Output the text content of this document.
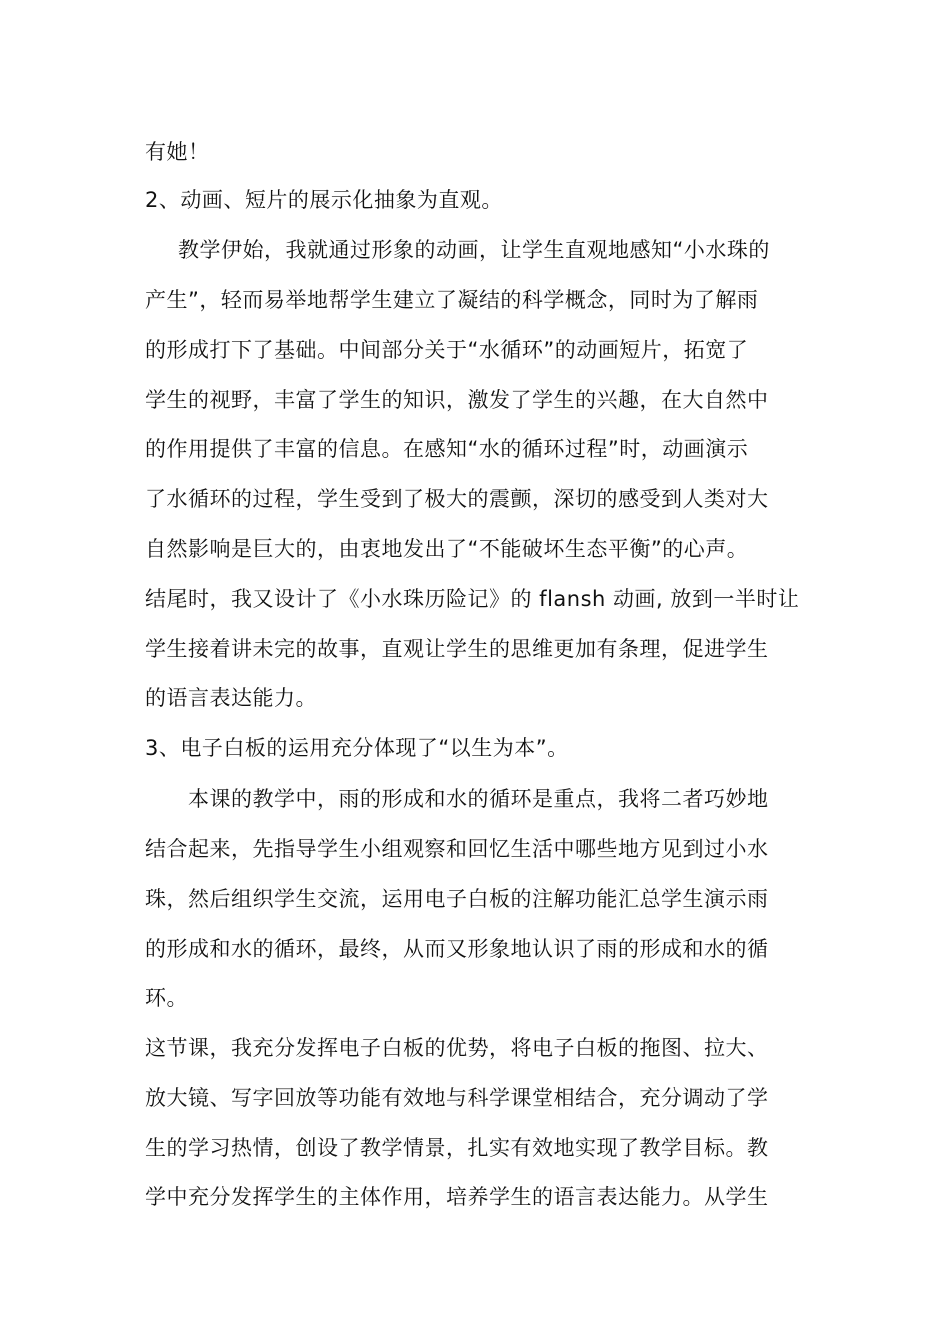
有她！
2、动画、短片的展示化抽象为直观。
教学伊始，我就通过形象的动画，让学生直观地感知“小水珠的
产生”，轻而易举地帮学生建立了凝结的科学概念，同时为了解雨
的形成打下了基础。中间部分关于“水循环”的动画短片，拓宽了
学生的视野，丰富了学生的知识，激发了学生的兴趣，在大自然中
的作用提供了丰富的信息。在感知“水的循环过程”时，动画演示
了水循环的过程，学生受到了极大的震颤，深切的感受到人类对大
自然影响是巨大的，由衷地发出了“不能破坏生态平衡”的心声。
结尾时，我又设计了《小水珠历险记》的 flansh 动画, 放到一半时让
学生接着讲未完的故事，直观让学生的思维更加有条理，促进学生
的语言表达能力。
3、电子白板的运用充分体现了“以生为本”。
本课的教学中，雨的形成和水的循环是重点，我将二者巧妙地
结合起来，先指导学生小组观察和回忆生活中哪些地方见到过小水
珠，然后组织学生交流，运用电子白板的注解功能汇总学生演示雨
的形成和水的循环，最终，从而又形象地认识了雨的形成和水的循
环。
这节课，我充分发挥电子白板的优势，将电子白板的拖图、拉大、
放大镜、写字回放等功能有效地与科学课堂相结合，充分调动了学
生的学习热情，创设了教学情景，扎实有效地实现了教学目标。教
学中充分发挥学生的主体作用，培养学生的语言表达能力。从学生
